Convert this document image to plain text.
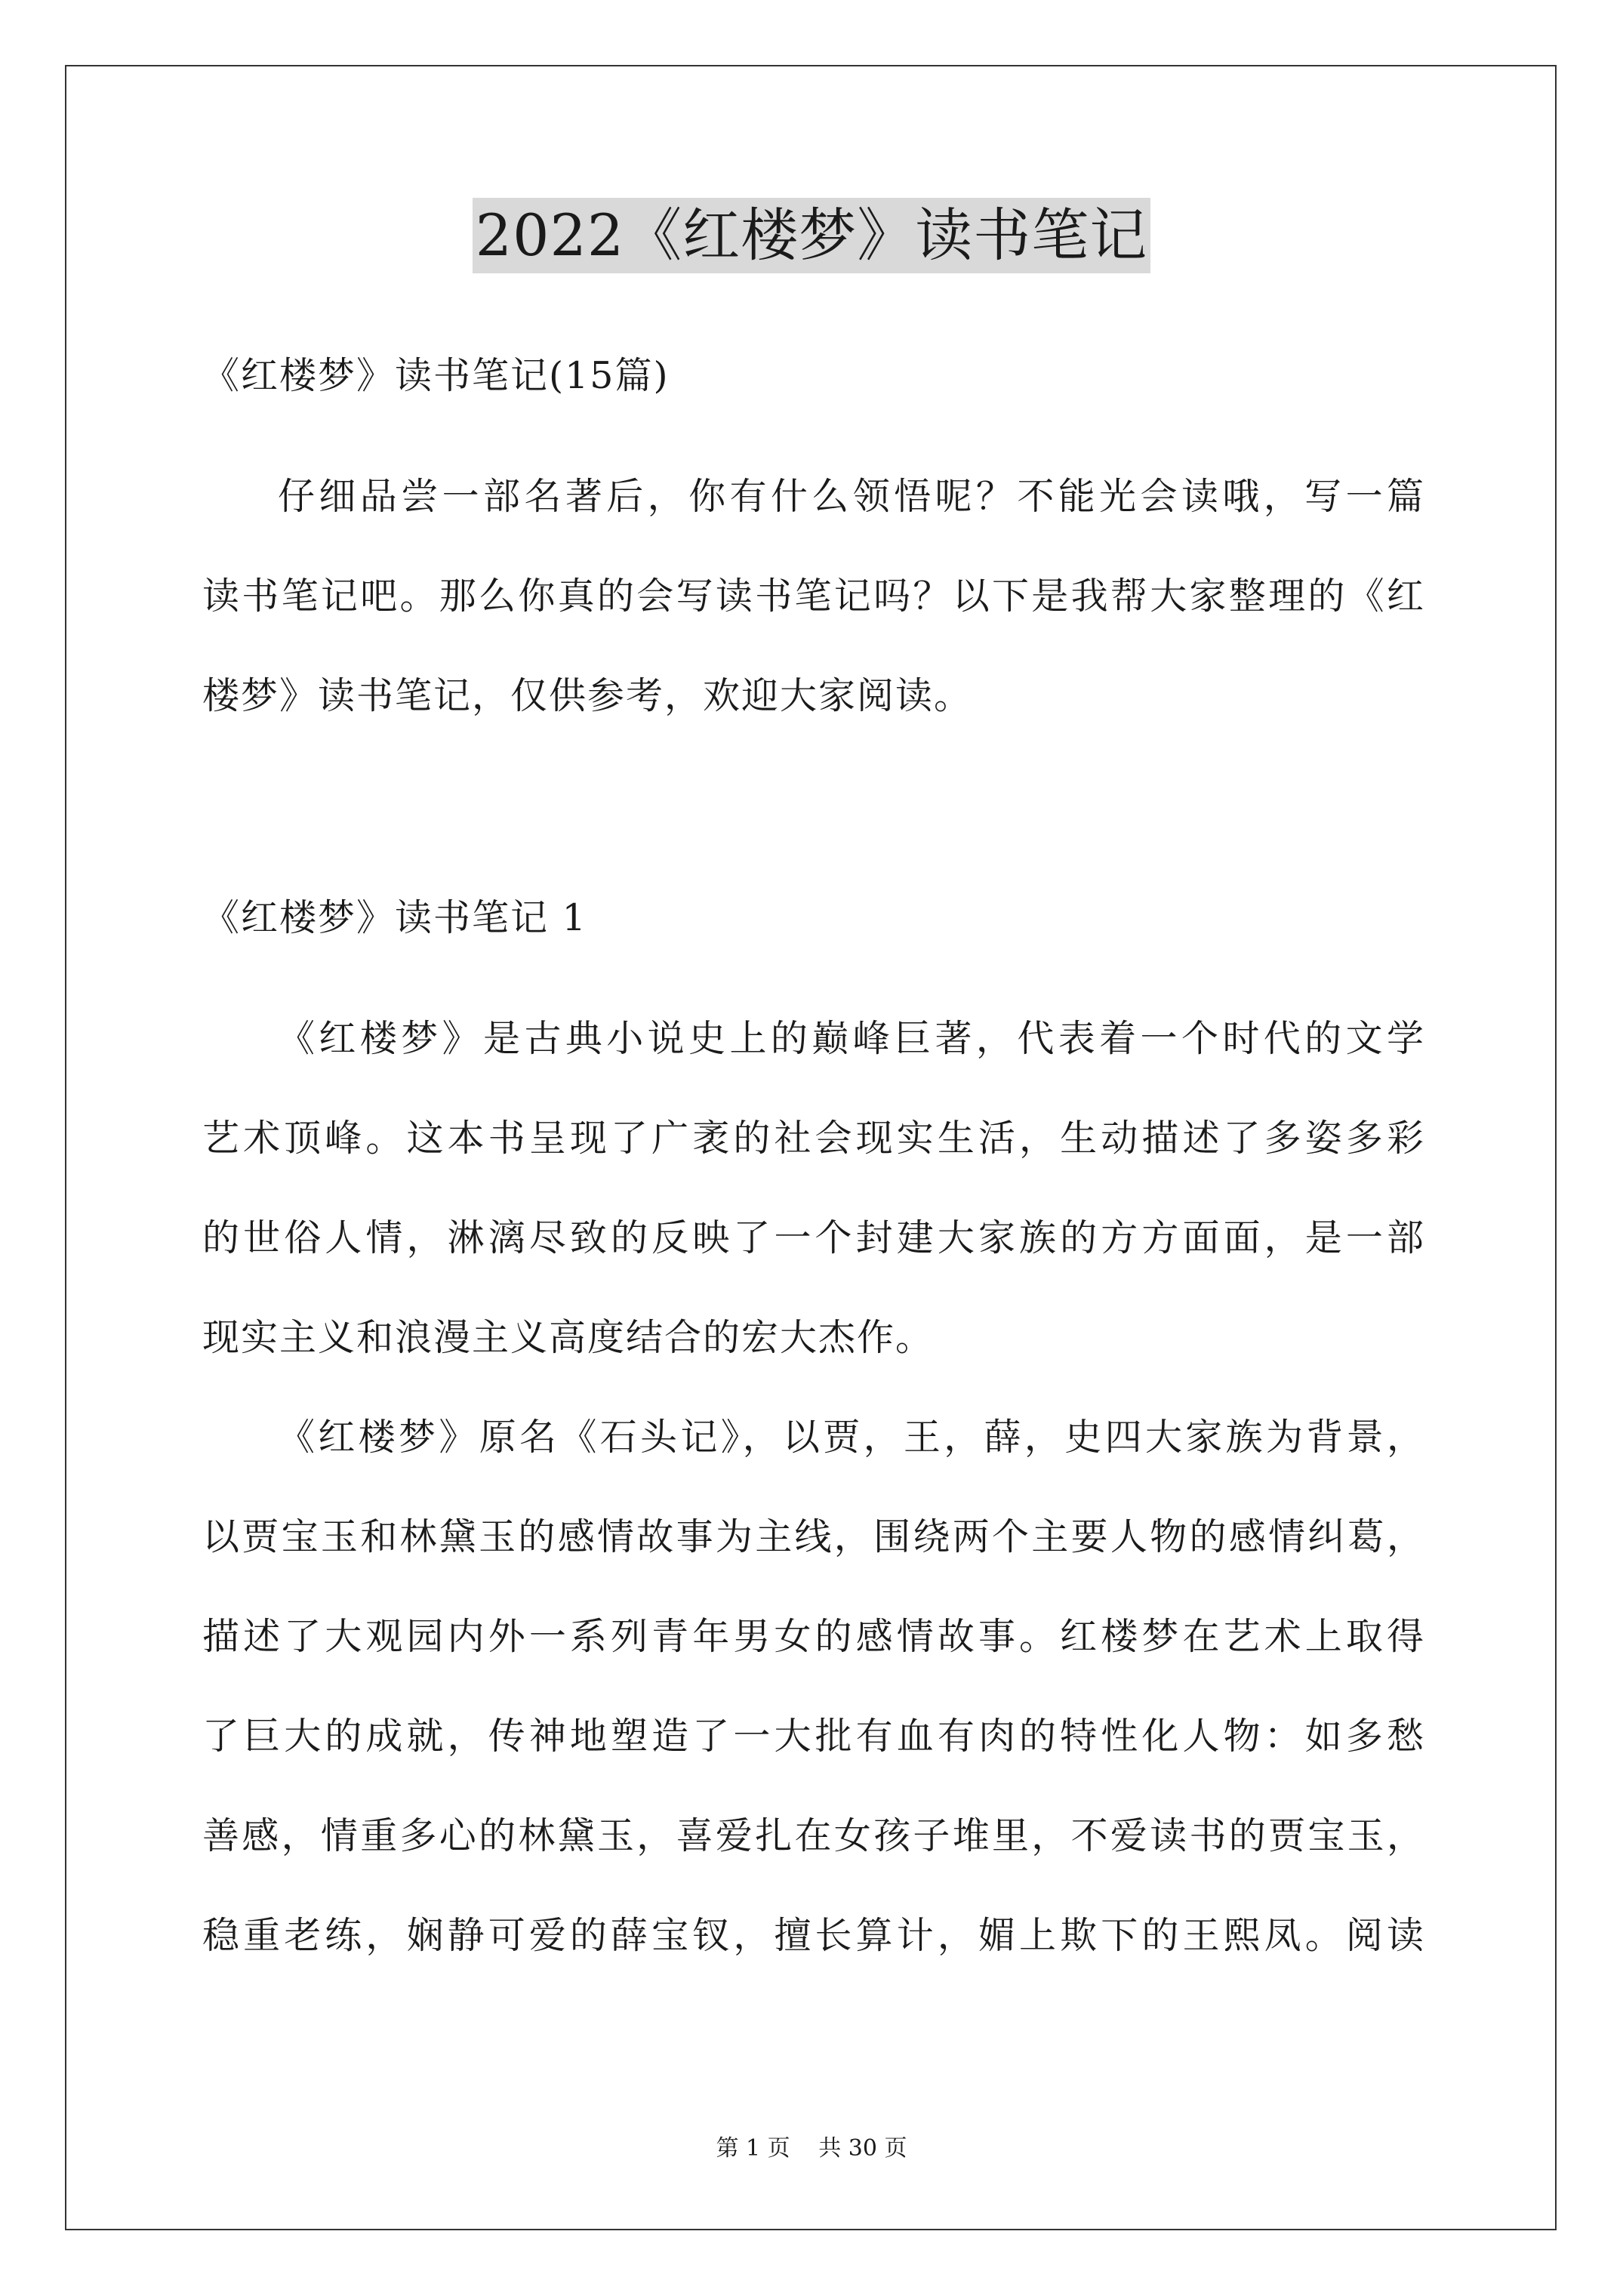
2022《红楼梦》读书笔记
《红楼梦》读书笔记(15篇)
仔细品尝一部名著后，你有什么领悟呢？不能光会读哦，写一篇
读书笔记吧。那么你真的会写读书笔记吗？以下是我帮大家整理的《红
楼梦》读书笔记，仅供参考，欢迎大家阅读。
《红楼梦》读书笔记 1
《红楼梦》是古典小说史上的巅峰巨著，代表着一个时代的文学
艺术顶峰。这本书呈现了广袤的社会现实生活，生动描述了多姿多彩
的世俗人情，淋漓尽致的反映了一个封建大家族的方方面面，是一部
现实主义和浪漫主义高度结合的宏大杰作。
《红楼梦》原名《石头记》，以贾，王，薛，史四大家族为背景，
以贾宝玉和林黛玉的感情故事为主线，围绕两个主要人物的感情纠葛，
描述了大观园内外一系列青年男女的感情故事。红楼梦在艺术上取得
了巨大的成就，传神地塑造了一大批有血有肉的特性化人物：如多愁
善感，情重多心的林黛玉，喜爱扎在女孩子堆里，不爱读书的贾宝玉，
稳重老练，娴静可爱的薛宝钗，擅长算计，媚上欺下的王熙凤。阅读
第 1 页 共 30 页
